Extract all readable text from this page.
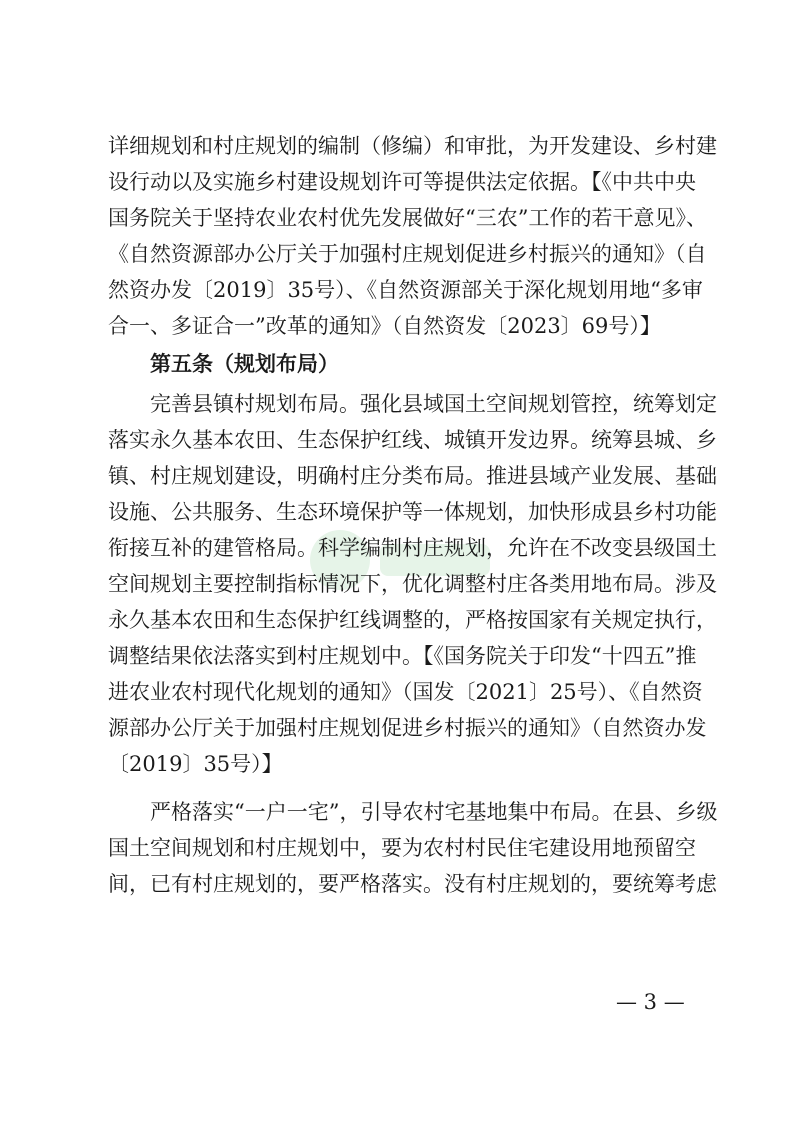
详细规划和村庄规划的编制（修编）和审批，为开发建设、乡村建
设行动以及实施乡村建设规划许可等提供法定依据。【《中共中央
国务院关于坚持农业农村优先发展做好“三农”工作的若干意见》、
《自然资源部办公厅关于加强村庄规划促进乡村振兴的通知》（自
然资办发〔2019〕35号）、《自然资源部关于深化规划用地“多审
合一、多证合一”改革的通知》（自然资发〔2023〕69号）】
第五条（规划布局）
完善县镇村规划布局。强化县域国土空间规划管控，统筹划定
落实永久基本农田、生态保护红线、城镇开发边界。统筹县城、乡
镇、村庄规划建设，明确村庄分类布局。推进县域产业发展、基础
设施、公共服务、生态环境保护等一体规划，加快形成县乡村功能
衔接互补的建管格局。科学编制村庄规划，允许在不改变县级国土
空间规划主要控制指标情况下，优化调整村庄各类用地布局。涉及
永久基本农田和生态保护红线调整的，严格按国家有关规定执行，
调整结果依法落实到村庄规划中。【《国务院关于印发“十四五”推
进农业农村现代化规划的通知》（国发〔2021〕25号）、《自然资
源部办公厅关于加强村庄规划促进乡村振兴的通知》（自然资办发
〔2019〕35号）】
严格落实“一户一宅”，引导农村宅基地集中布局。在县、乡级
国土空间规划和村庄规划中，要为农村村民住宅建设用地预留空
间，已有村庄规划的，要严格落实。没有村庄规划的，要统筹考虑
— 3 —
